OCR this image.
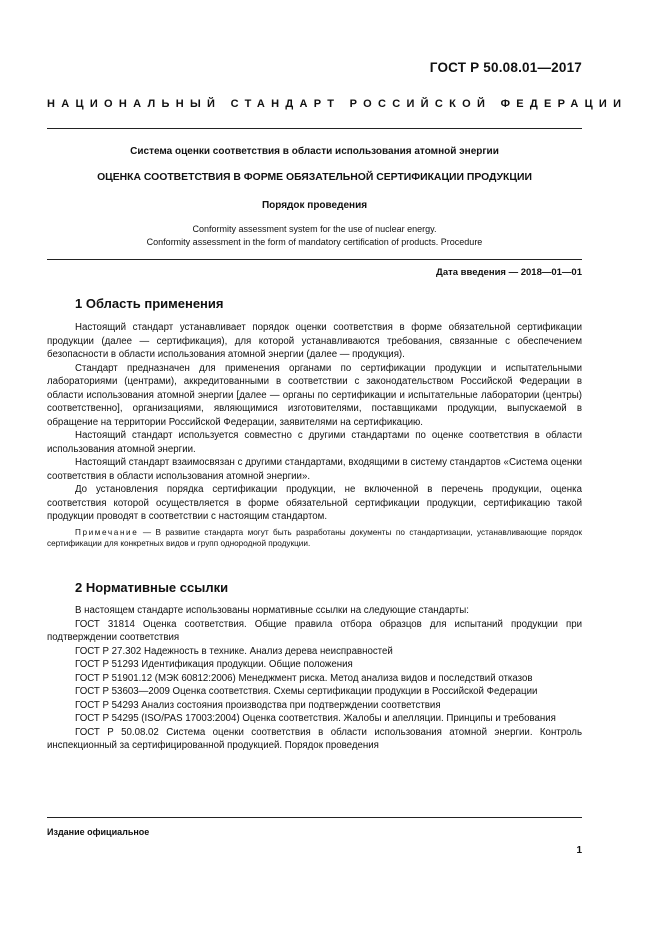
ГОСТ Р 50.08.01—2017
НАЦИОНАЛЬНЫЙ СТАНДАРТ РОССИЙСКОЙ ФЕДЕРАЦИИ
Система оценки соответствия в области использования атомной энергии
ОЦЕНКА СООТВЕТСТВИЯ В ФОРМЕ ОБЯЗАТЕЛЬНОЙ СЕРТИФИКАЦИИ ПРОДУКЦИИ
Порядок проведения
Conformity assessment system for the use of nuclear energy.
Conformity assessment in the form of mandatory certification of products. Procedure
Дата введения — 2018—01—01
1 Область применения

Настоящий стандарт устанавливает порядок оценки соответствия в форме обязательной сертификации продукции (далее — сертификация), для которой устанавливаются требования, связанные с обеспечением безопасности в области использования атомной энергии (далее — продукция).

Стандарт предназначен для применения органами по сертификации продукции и испытательными лабораториями (центрами), аккредитованными в соответствии с законодательством Российской Федерации в области использования атомной энергии [далее — органы по сертификации и испытательные лаборатории (центры) соответственно], организациями, являющимися изготовителями, поставщиками продукции, выпускаемой в обращение на территории Российской Федерации, заявителями на сертификацию.

Настоящий стандарт используется совместно с другими стандартами по оценке соответствия в области использования атомной энергии.

Настоящий стандарт взаимосвязан с другими стандартами, входящими в систему стандартов «Система оценки соответствия в области использования атомной энергии».

До установления порядка сертификации продукции, не включенной в перечень продукции, оценка соответствия которой осуществляется в форме обязательной сертификации продукции, сертификацию такой продукции проводят в соответствии с настоящим стандартом.

Примечание — В развитие стандарта могут быть разработаны документы по стандартизации, устанавливающие порядок сертификации для конкретных видов и групп однородной продукции.

2 Нормативные ссылки

В настоящем стандарте использованы нормативные ссылки на следующие стандарты:

ГОСТ 31814 Оценка соответствия. Общие правила отбора образцов для испытаний продукции при подтверждении соответствия

ГОСТ Р 27.302 Надежность в технике. Анализ дерева неисправностей

ГОСТ Р 51293 Идентификация продукции. Общие положения

ГОСТ Р 51901.12 (МЭК 60812:2006) Менеджмент риска. Метод анализа видов и последствий отказов

ГОСТ Р 53603—2009 Оценка соответствия. Схемы сертификации продукции в Российской Федерации

ГОСТ Р 54293 Анализ состояния производства при подтверждении соответствия

ГОСТ Р 54295 (ISO/PAS 17003:2004) Оценка соответствия. Жалобы и апелляции. Принципы и требования

ГОСТ Р 50.08.02 Система оценки соответствия в области использования атомной энергии. Контроль инспекционный за сертифицированной продукцией. Порядок проведения

Издание официальное
1
